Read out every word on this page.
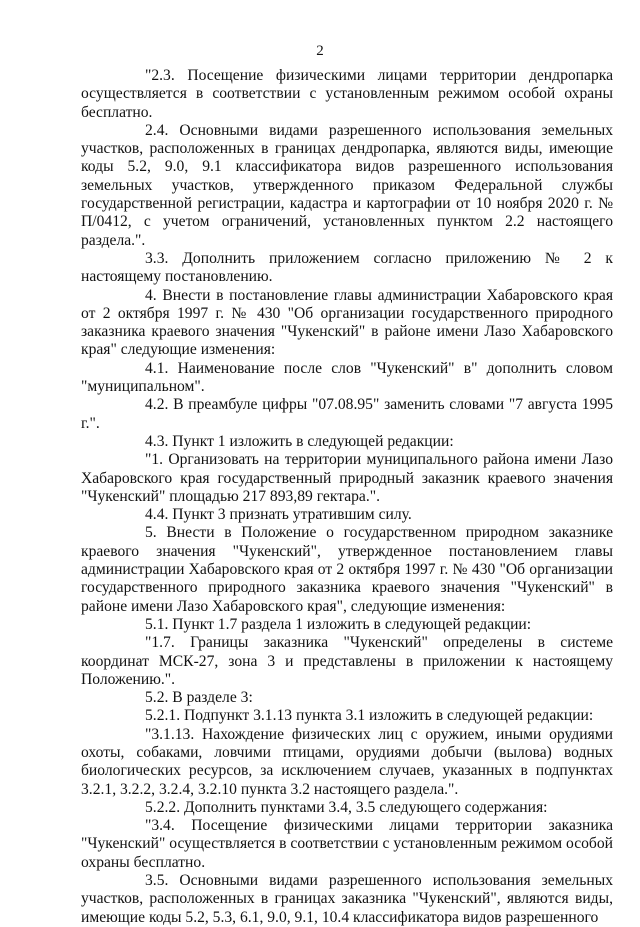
2

"2.3. Посещение физическими лицами территории дендропарка осуществляется в соответствии с установленным режимом особой охраны бесплатно.

2.4. Основными видами разрешенного использования земельных участков, расположенных в границах дендропарка, являются виды, имеющие коды 5.2, 9.0, 9.1 классификатора видов разрешенного использования земельных участков, утвержденного приказом Федеральной службы государственной регистрации, кадастра и картографии от 10 ноября 2020 г. № П/0412, с учетом ограничений, установленных пунктом 2.2 настоящего раздела.".

3.3. Дополнить приложением согласно приложению № 2 к настоящему постановлению.

4. Внести в постановление главы администрации Хабаровского края от 2 октября 1997 г. № 430 "Об организации государственного природного заказника краевого значения "Чукенский" в районе имени Лазо Хабаровского края" следующие изменения:

4.1. Наименование после слов "Чукенский" в" дополнить словом "муниципальном".

4.2. В преамбуле цифры "07.08.95" заменить словами "7 августа 1995 г.".

4.3. Пункт 1 изложить в следующей редакции:

"1. Организовать на территории муниципального района имени Лазо Хабаровского края государственный природный заказник краевого значения "Чукенский" площадью 217 893,89 гектара.".

4.4. Пункт 3 признать утратившим силу.

5. Внести в Положение о государственном природном заказнике краевого значения "Чукенский", утвержденное постановлением главы администрации Хабаровского края от 2 октября 1997 г. № 430 "Об организации государственного природного заказника краевого значения "Чукенский" в районе имени Лазо Хабаровского края", следующие изменения:

5.1. Пункт 1.7 раздела 1 изложить в следующей редакции:

"1.7. Границы заказника "Чукенский" определены в системе координат МСК-27, зона 3 и представлены в приложении к настоящему Положению.".

5.2. В разделе 3:

5.2.1. Подпункт 3.1.13 пункта 3.1 изложить в следующей редакции:

"3.1.13. Нахождение физических лиц с оружием, иными орудиями охоты, собаками, ловчими птицами, орудиями добычи (вылова) водных биологических ресурсов, за исключением случаев, указанных в подпунктах 3.2.1, 3.2.2, 3.2.4, 3.2.10 пункта 3.2 настоящего раздела.".

5.2.2. Дополнить пунктами 3.4, 3.5 следующего содержания:

"3.4. Посещение физическими лицами территории заказника "Чукенский" осуществляется в соответствии с установленным режимом особой охраны бесплатно.

3.5. Основными видами разрешенного использования земельных участков, расположенных в границах заказника "Чукенский", являются виды, имеющие коды 5.2, 5.3, 6.1, 9.0, 9.1, 10.4 классификатора видов разрешенного
